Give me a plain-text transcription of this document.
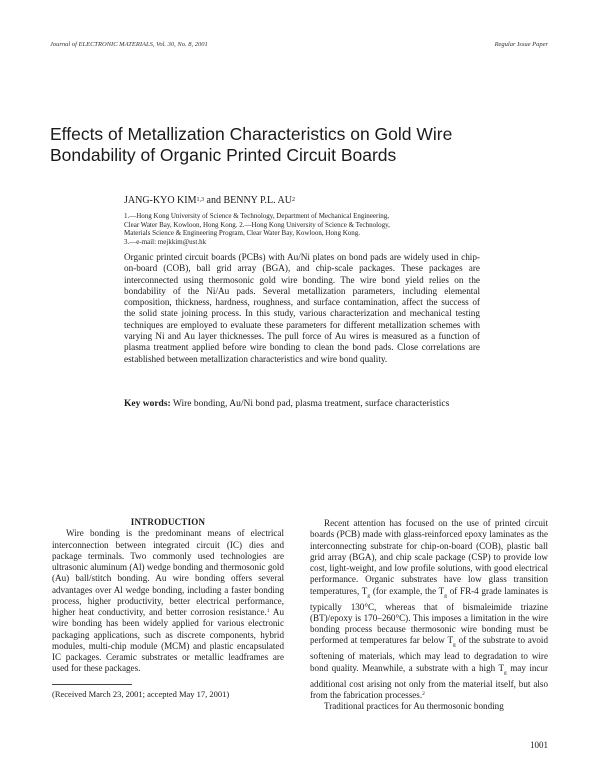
Journal of ELECTRONIC MATERIALS, Vol. 30, No. 8, 2001	Regular Issue Paper
Effects of Metallization Characteristics on Gold Wire
Bondability of Organic Printed Circuit Boards
JANG-KYO KIM$^{1,3}$ and BENNY P.L. $AU^2$
1.—Hong Kong University of Science & Technology, Department of Mechanical Engineering,
Clear Water Bay, Kowloon, Hong Kong. 2.—Hong Kong University of Science & Technology,
Materials Science & Engineering Program, Clear Water Bay, Kowloon, Hong Kong.
3.—e-mail: mejkkim@ust.hk

Organic printed circuit boards (PCBs) with Au/Ni plates on bond pads are widely used in chip-on-board (COB), ball grid array (BGA), and chip-scale packages. These packages are interconnected using thermosonic gold wire bonding. The wire bond yield relies on the bondability of the Ni/Au pads. Several metallization parameters, including elemental composition, thickness, hardness, roughness, and surface contamination, affect the success of the solid state joining process. In this study, various characterization and mechanical testing techniques are employed to evaluate these parameters for different metallization schemes with varying Ni and Au layer thicknesses. The pull force of Au wires is measured as a function of plasma treatment applied before wire bonding to clean the bond pads. Close correlations are established between metallization characteristics and wire bond quality.

Key words: Wire bonding, Au/Ni bond pad, plasma treatment, surface characteristics

INTRODUCTION

Wire bonding is the predominant means of electrical interconnection between integrated circuit (IC) dies and package terminals. Two commonly used technologies are ultrasonic aluminum (Al) wedge bonding and thermosonic gold (Au) ball/stitch bonding. Au wire bonding offers several advantages over Al wedge bonding, including a faster bonding process, higher productivity, better electrical performance, higher heat conductivity, and better corrosion resistance.$^1$ Au wire bonding has been widely applied for various electronic packaging applications, such as discrete components, hybrid modules, multi-chip module (MCM) and plastic encapsulated IC packages. Ceramic substrates or metallic leadframes are used for these packages.

Recent attention has focused on the use of printed circuit boards (PCB) made with glass-reinforced epoxy laminates as the interconnecting substrate for chip-on-board (COB), plastic ball grid array (BGA), and chip scale package (CSP) to provide low cost, light-weight, and low profile solutions, with good electrical performance. Organic substrates have low glass transition temperatures, $T_g$ (for example, the $T_g$ of FR-4 grade laminates is typically 130°C, whereas that of bismaleimide triazine (BT)/epoxy is 170–260°C). This imposes a limitation in the wire bonding process because thermosonic wire bonding must be performed at temperatures far below $T_g$ of the substrate to avoid softening of materials, which may lead to degradation to wire bond quality. Meanwhile, a substrate with a high $T_g$ may incur additional cost arising not only from the material itself, but also from the fabrication processes.$^2$

Traditional practices for Au thermosonic bonding

(Received March 23, 2001; accepted May 17, 2001)
1001
